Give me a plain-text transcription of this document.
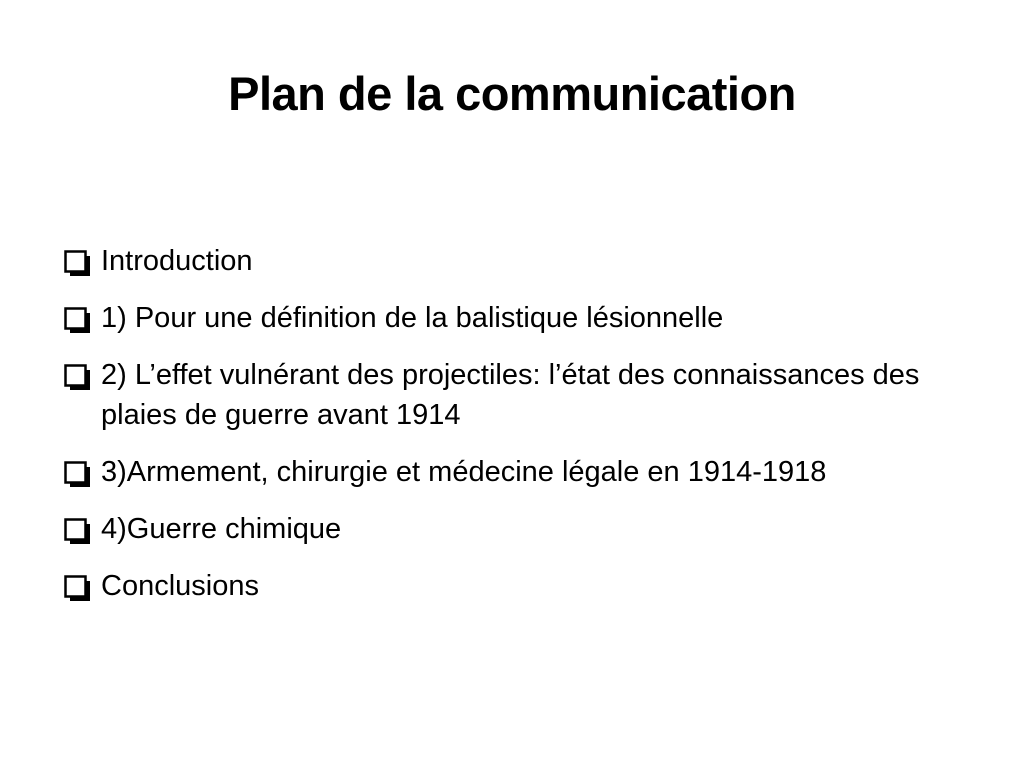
Plan de la communication
Introduction
1) Pour une définition de la balistique lésionnelle
2) L’effet vulnérant des projectiles: l’état des connaissances des plaies de guerre avant 1914
3)Armement, chirurgie et médecine légale en 1914-1918
4)Guerre chimique
Conclusions
